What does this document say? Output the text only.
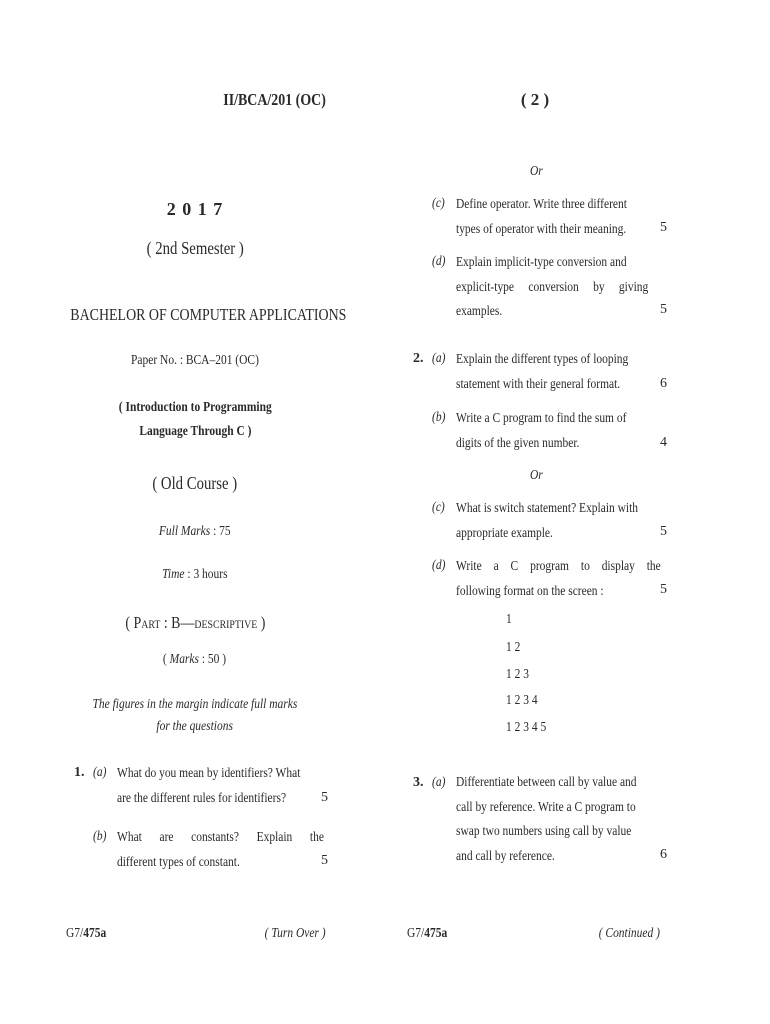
II/BCA/201 (OC)
2 0 1 7
( 2nd Semester )
BACHELOR OF COMPUTER APPLICATIONS
Paper No. : BCA–201 (OC)
( Introduction to Programming
Language Through C )
( Old Course )
Full Marks : 75
Time : 3 hours
( Part : B—descriptive )
( Marks : 50 )
The figures in the margin indicate full marks
for the questions
1. (a) What do you mean by identifiers? What
are the different rules for identifiers?	5
(b) What are constants? Explain the
different types of constant.	5
G7/475a	( Turn Over )
( 2 )
Or
(c) Define operator. Write three different
types of operator with their meaning.	5
(d) Explain implicit-type conversion and
explicit-type conversion by giving
examples.	5
2. (a) Explain the different types of looping
statement with their general format.	6
(b) Write a C program to find the sum of
digits of the given number.	4
Or
(c) What is switch statement? Explain with
appropriate example.	5
(d) Write a C program to display the
following format on the screen :	5
1
1 2
1 2 3
1 2 3 4
1 2 3 4 5
3. (a) Differentiate between call by value and
call by reference. Write a C program to
swap two numbers using call by value
and call by reference.	6
G7/475a	( Continued )
